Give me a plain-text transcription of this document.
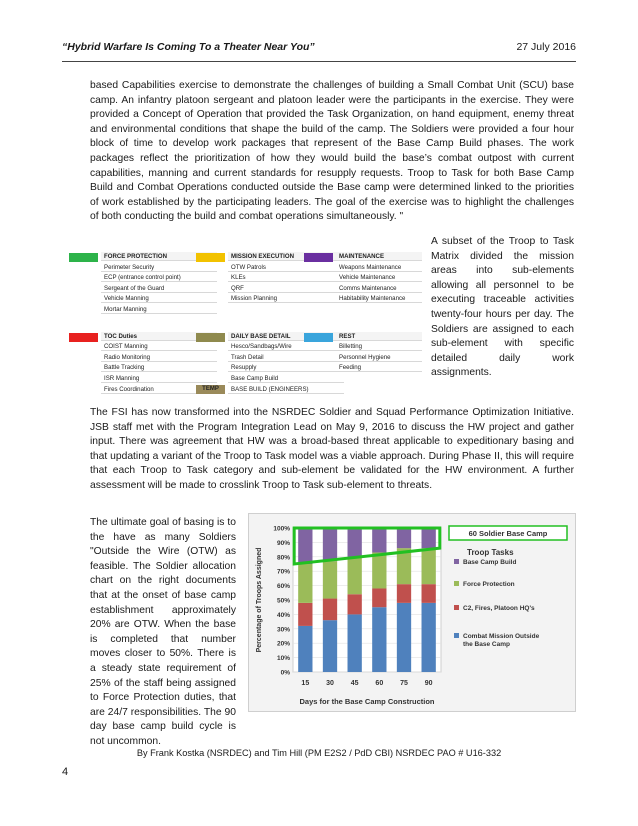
“Hybrid Warfare Is Coming To a Theater Near You”	27 July 2016

based Capabilities exercise to demonstrate the challenges of building a Small Combat Unit (SCU) base camp. An infantry platoon sergeant and platoon leader were the participants in the exercise. They were provided a Concept of Operation that provided the Task Organization, on hand equipment, enemy threat and environmental conditions that shape the build of the camp. The Soldiers were provided a four hour block of time to develop work packages that represent of the Base Camp Build phases. The work packages reflect the prioritization of how they would build the base’s combat outpost with current capabilities, manning and current standards for resupply requests. Troop to Task for both Base Camp Build and Combat Operations conducted outside the Base camp were determined linked to the priorities of work established by the participating leaders. The goal of the exercise was to highlight the challenges of both conducting the build and combat operations simultaneously. "

A subset of the Troop to Task Matrix divided the mission areas into sub-elements allowing all personnel to be executing traceable activities twenty-four hours per day. The Soldiers are assigned to each sub-element with specific detailed daily work assignments.

The FSI has now transformed into the NSRDEC Soldier and Squad Performance Optimization Initiative. JSB staff met with the Program Integration Lead on May 9, 2016 to discuss the HW project and gather input. There was agreement that HW was a broad-based threat applicable to expeditionary basing and that updating a variant of the Troop to Task model was a viable approach. During Phase II, this will require that each Troop to Task category and sub-element be validated for the HW environment. A further assessment will be made to crosslink Troop to Task sub-element to threats.

The ultimate goal of basing is to the have as many Soldiers "Outside the Wire (OTW) as feasible. The Soldier allocation chart on the right documents that at the onset of base camp establishment approximately 20% are OTW. When the base is completed that number moves closer to 50%. There is a steady state requirement of 25% of the staff being assigned to Force Protection duties, that are 24/7 responsibilities. The 90 day base camp build cycle is not uncommon.

FORCE PROTECTION
Perimeter Security
ECP (entrance control point)
Sergeant of the Guard
Vehicle Manning
Mortar Manning
MISSION EXECUTION
OTW Patrols
KLEs
QRF
Mission Planning
MAINTENANCE
Weapons Maintenance
Vehicle Maintenance
Comms Maintenance
Habitability Maintenance
TOC Duties
COIST Manning
Radio Monitoring
Battle Tracking
ISR Manning
Fires Coordination
DAILY BASE DETAIL
Hesco/Sandbags/Wire
Trash Detail
Resupply
Base Camp Build
BASE BUILD (ENGINEERS)
REST
Billetting
Personnel Hygiene
Feeding
TEMP
0%
10%
20%
30%
40%
50%
60%
70%
80%
90%
100%
15 30 45 60 75 90
Days for the Base Camp Construction
Percentage of Troops Assigned
60 Soldier Base Camp
Troop Tasks
Base Camp Build
Force Protection
C2, Fires, Platoon HQ's
Combat Mission Outside
the Base Camp
By Frank Kostka (NSRDEC) and Tim Hill (PM E2S2 / PdD CBI) NSRDEC PAO # U16-332
4
